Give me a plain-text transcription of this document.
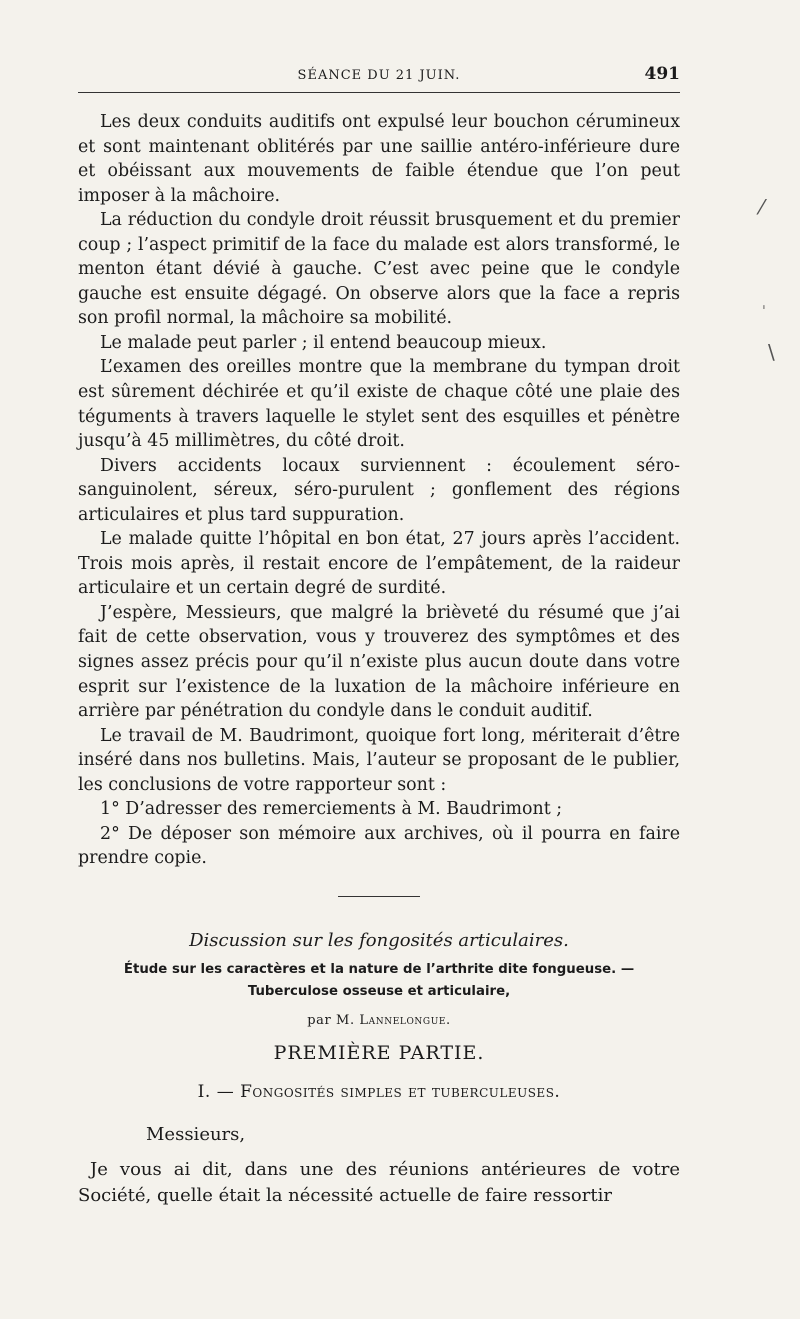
SÉANCE DU 21 JUIN.	491

Les deux conduits auditifs ont expulsé leur bouchon cérumineux et sont maintenant oblitérés par une saillie antéro-inférieure dure et obéissant aux mouvements de faible étendue que l’on peut imposer à la mâchoire.

La réduction du condyle droit réussit brusquement et du premier coup ; l’aspect primitif de la face du malade est alors transformé, le menton étant dévié à gauche. C’est avec peine que le condyle gauche est ensuite dégagé. On observe alors que la face a repris son profil normal, la mâchoire sa mobilité.

Le malade peut parler ; il entend beaucoup mieux.

L’examen des oreilles montre que la membrane du tympan droit est sûrement déchirée et qu’il existe de chaque côté une plaie des téguments à travers laquelle le stylet sent des esquilles et pénètre jusqu’à 45 millimètres, du côté droit.

Divers accidents locaux surviennent : écoulement séro-sanguinolent, séreux, séro-purulent ; gonflement des régions articulaires et plus tard suppuration.

Le malade quitte l’hôpital en bon état, 27 jours après l’accident. Trois mois après, il restait encore de l’empâtement, de la raideur articulaire et un certain degré de surdité.

J’espère, Messieurs, que malgré la brièveté du résumé que j’ai fait de cette observation, vous y trouverez des symptômes et des signes assez précis pour qu’il n’existe plus aucun doute dans votre esprit sur l’existence de la luxation de la mâchoire inférieure en arrière par pénétration du condyle dans le conduit auditif.

Le travail de M. Baudrimont, quoique fort long, mériterait d’être inséré dans nos bulletins. Mais, l’auteur se proposant de le publier, les conclusions de votre rapporteur sont :

1° D’adresser des remerciements à M. Baudrimont ;

2° De déposer son mémoire aux archives, où il pourra en faire prendre copie.

Discussion sur les fongosités articulaires.
Étude sur les caractères et la nature de l’arthrite dite fongueuse. —
Tuberculose osseuse et articulaire,
par M. Lannelongue.
PREMIÈRE PARTIE.
I. — Fongosités simples et tuberculeuses.
Messieurs,

Je vous ai dit, dans une des réunions antérieures de votre Société, quelle était la nécessité actuelle de faire ressortir

⁄
ˌ
\
